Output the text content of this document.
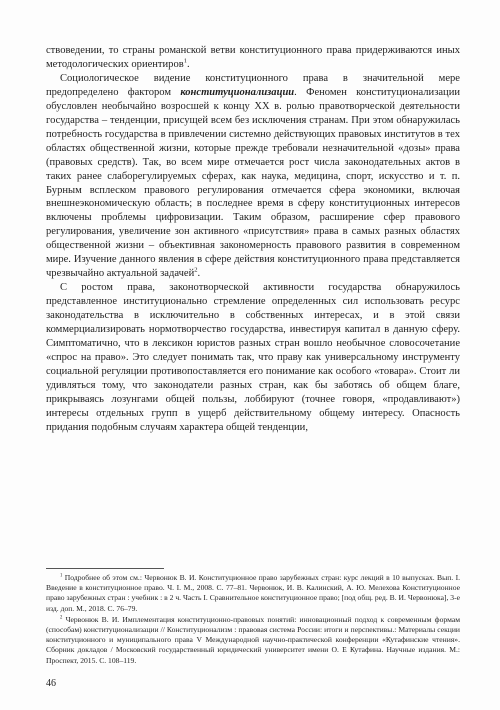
ствоведении, то страны романской ветви конституционного права придерживаются иных методологических ориентиров$^1$.

Социологическое видение конституционного права в значительной мере предопределено фактором конституционализации. Феномен конституционализации обусловлен необычайно возросшей к концу XX в. ролью правотворческой деятельности государства – тенденции, присущей всем без исключения странам. При этом обнаружилась потребность государства в привлечении системно действующих правовых институтов в тех областях общественной жизни, которые прежде требовали незначительной «дозы» права (правовых средств). Так, во всем мире отмечается рост числа законодательных актов в таких ранее слаборегулируемых сферах, как наука, медицина, спорт, искусство и т. п. Бурным всплеском правового регулирования отмечается сфера экономики, включая внешнеэкономическую область; в последнее время в сферу конституционных интересов включены проблемы цифровизации. Таким образом, расширение сфер правового регулирования, увеличение зон активного «присутствия» права в самых разных областях общественной жизни – объективная закономерность правового развития в современном мире. Изучение данного явления в сфере действия конституционного права представляется чрезвычайно актуальной задачей$^2$.

С ростом права, законотворческой активности государства обнаружилось представленное институционально стремление определенных сил использовать ресурс законодательства в исключительно в собственных интересах, и в этой связи коммерциализировать нормотворчество государства, инвестируя капитал в данную сферу. Симптоматично, что в лексикон юристов разных стран вошло необычное словосочетание «спрос на право». Это следует понимать так, что праву как универсальному инструменту социальной регуляции противопоставляется его понимание как особого «товара». Стоит ли удивляться тому, что законодатели разных стран, как бы заботясь об общем благе, прикрываясь лозунгами общей пользы, лоббируют (точнее говоря, «продавливают») интересы отдельных групп в ущерб действительному общему интересу. Опасность придания подобным случаям характера общей тенденции,

$^1$ Подробнее об этом см.: Червонюк В. И. Конституционное право зарубежных стран: курс лекций в 10 выпусках. Вып. I. Введение в конституционное право. Ч. I. М., 2008. С. 77–81. Червонюк, И. В. Калинский, А. Ю. Мелехова Конституционное право зарубежных стран : учебник : в 2 ч. Часть I. Сравнительное конституционное право; [под общ. ред. В. И. Червонюка], 3-е изд. доп. М., 2018. С. 76–79.

$^2$ Червонюк В. И. Имплементация конституционно-правовых понятий: инновационный подход к современным формам (способам) конституционализации // Конституционализм : правовая система России: итоги и перспективы.: Материалы секции конституционного и муниципального права V Международной научно-практической конференции «Кутафинские чтения». Сборник докладов / Московский государственный юридический университет имени О. Е Кутафина. Научные издания. М.: Проспект, 2015. С. 108–119.

46
